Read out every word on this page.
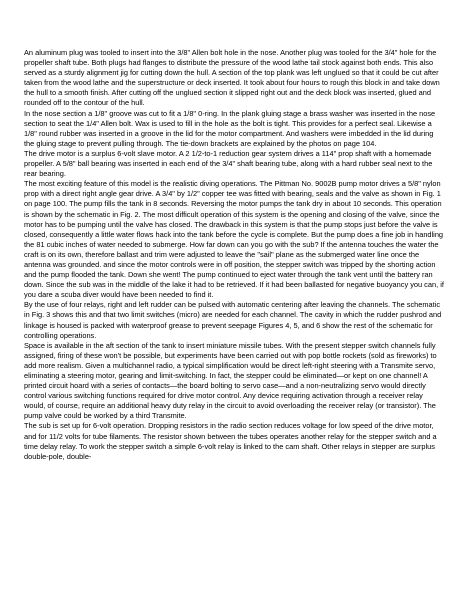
An aluminum plug was tooled to insert into the 3/8" Allen bolt hole in the nose. Another plug was tooled for the 3/4" hole for the propeller shaft tube. Both plugs had flanges to distribute the pressure of the wood lathe tail stock against both ends. This also served as a sturdy alignment jig for cutting down the hull. A section of the top plank was left unglued so that it could be cut after taken from the wood lathe and the superstructure or deck inserted. It took about four hours to rough this block in and take down the hull to a smooth finish. After cutting off the unglued section it slipped right out and the deck block was inserted, glued and rounded off to the contour of the hull.

In the nose section a 1/8" groove was cut to fit a 1/8" 0-ring. In the plank gluing stage a brass washer was inserted in the nose section to seat the 1/4" Allen bolt. Wax is used to fill in the hole as the bolt is tight. This provides for a perfect seal. Likewise a 1/8" round rubber was inserted in a groove in the lid for the motor compartment. And washers were imbedded in the lid during the gluing stage to prevent pulling through. The tie-down brackets are explained by the photos on page 104.

The drive motor is a surplus 6-volt slave motor. A 2 1/2-to-1 reduction gear system drives a 114" prop shaft with a homemade propeller. A 5/8" ball bearing was inserted in each end of the 3/4" shaft bearing tube, along with a hard rubber seal next to the rear bearing.

The most exciting feature of this model is the realistic diving operations. The Pittman No. 9002B pump motor drives a 5/8" nylon prop with a direct right angle gear drive. A 3/4" by 1/2" copper tee was fitted with bearing, seals and the valve as shown in Fig. 1 on page 100. The pump fills the tank in 8 seconds. Reversing the motor pumps the tank dry in about 10 seconds. This operation is shown by the schematic in Fig. 2. The most difficult operation of this system is the opening and closing of the valve, since the motor has to be pumping until the valve has closed. The drawback in this system is that the pump stops just before the valve is closed, consequently a little water flows hack into the tank before the cycle is complete. But the pump does a fine job in handling the 81 cubic inches of water needed to submerge. How far down can you go with the sub? If the antenna touches the water the craft is on its own, therefore ballast and trim were adjusted to leave the "sail" plane as the submerged water line once the antenna was grounded. and since the motor controls were in off position, the stepper switch was tripped by the shorting action and the pump flooded the tank. Down she went! The pump continued to eject water through the tank vent until the battery ran down. Since the sub was in the middle of the lake it had to be retrieved. If it had been ballasted for negative buoyancy you can, if you dare a scuba diver would have been needed to find it.

By the use of four relays, right and left rudder can be pulsed with automatic centering after leaving the channels. The schematic in Fig. 3 shows this and that two limit switches (micro) are needed for each channel. The cavity in which the rudder pushrod and linkage is housed is packed with waterproof grease to prevent seepage Figures 4, 5, and 6 show the rest of the schematic for controlling operations.

Space is available in the aft section of the tank to insert miniature missile tubes. With the present stepper switch channels fully assigned, firing of these won't be possible, but experiments have been carried out with pop bottle rockets (sold as fireworks) to add more realism. Given a multichannel radio, a typical simplification would be direct left-right steering with a Transmite servo, eliminating a steering motor, gearing and limit-switching. In fact, the stepper could be eliminated—or kept on one channel! A printed circuit hoard with a series of contacts—the board bolting to servo case—and a non-neutralizing servo would directly control various switching functions required for drive motor control. Any device requiring activation through a receiver relay would, of course, require an additional heavy duty relay in the circuit to avoid overloading the receiver relay (or transistor). The pump valve could be worked by a third Transmite.

The sub is set up for 6-volt operation. Dropping resistors in the radio section reduces voltage for low speed of the drive motor, and for 11/2 volts for tube filaments. The resistor shown between the tubes operates another relay for the stepper switch and a time delay relay. To work the stepper switch a simple 6-volt relay is linked to the cam shaft. Other relays in stepper are surplus double-pole, double-
